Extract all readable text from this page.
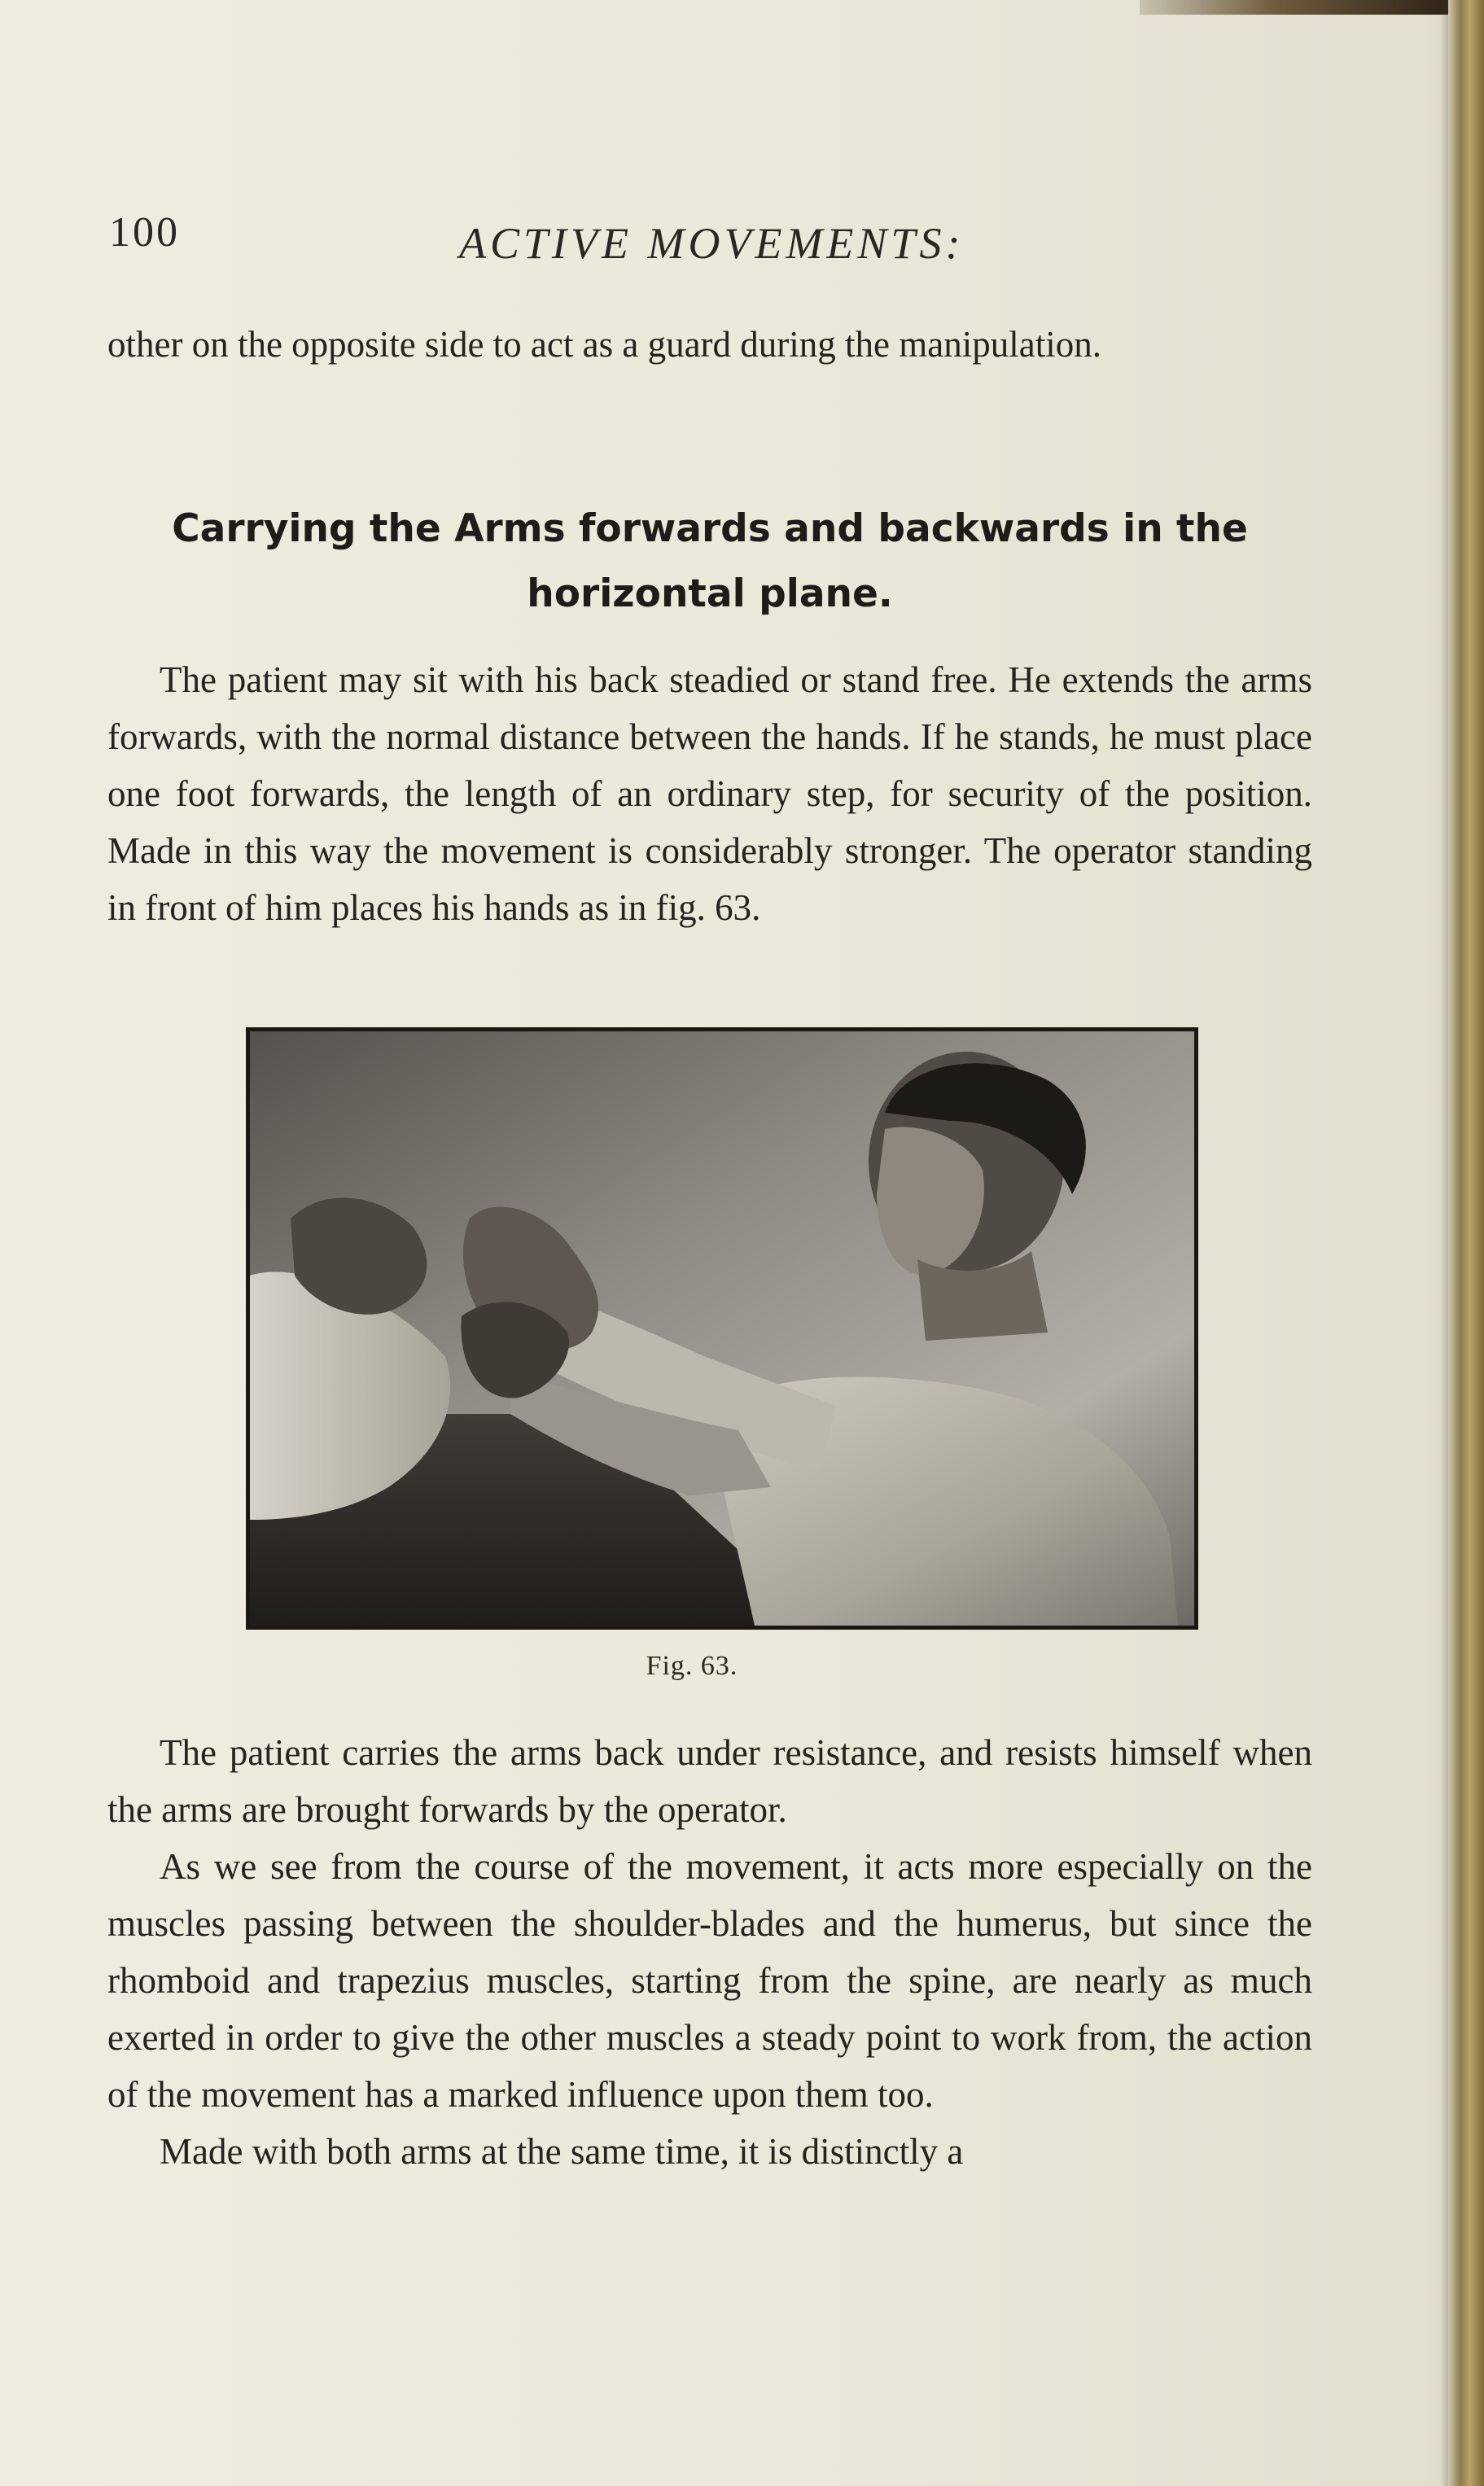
100	ACTIVE MOVEMENTS:

other on the opposite side to act as a guard during the manipulation.

Carrying the Arms forwards and backwards in the horizontal plane.

The patient may sit with his back steadied or stand free. He extends the arms forwards, with the normal distance between the hands. If he stands, he must place one foot forwards, the length of an ordinary step, for security of the position. Made in this way the movement is considerably stronger. The operator standing in front of him places his hands as in fig. 63.

Fig. 63.

The patient carries the arms back under resistance, and resists himself when the arms are brought forwards by the operator.
As we see from the course of the movement, it acts more especially on the muscles passing between the shoulder-blades and the humerus, but since the rhomboid and trapezius muscles, starting from the spine, are nearly as much exerted in order to give the other muscles a steady point to work from, the action of the movement has a marked influence upon them too.
Made with both arms at the same time, it is distinctly a
